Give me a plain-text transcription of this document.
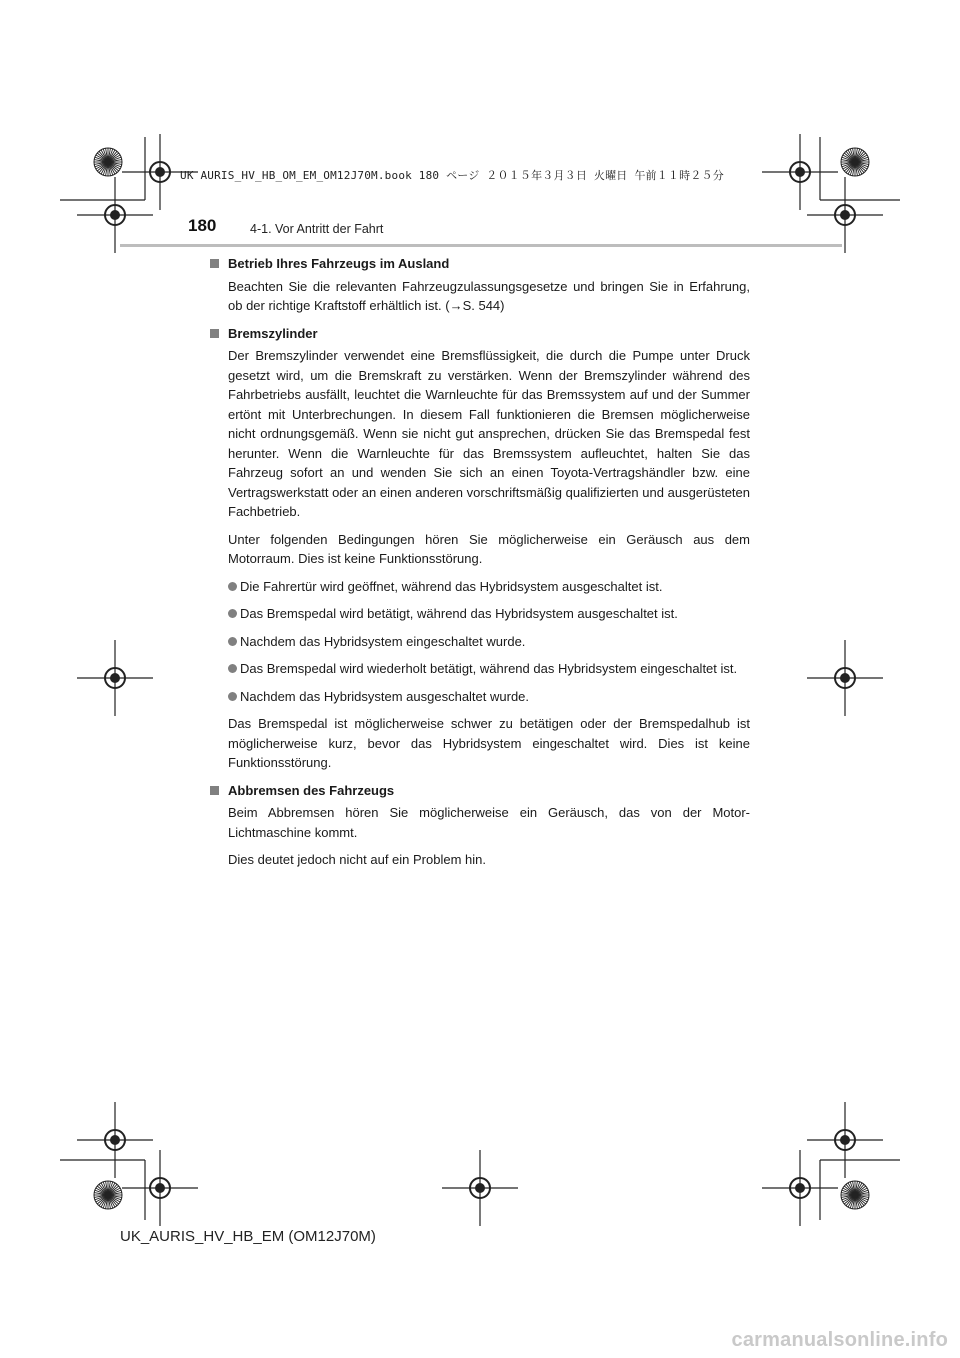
UK AURIS_HV_HB_OM_EM_OM12J70M.book 180 ページ ２０１５年３月３日 火曜日 午前１１時２５分
180	4-1. Vor Antritt der Fahrt
Betrieb Ihres Fahrzeugs im Ausland
Beachten Sie die relevanten Fahrzeugzulassungsgesetze und bringen Sie in Erfahrung, ob der richtige Kraftstoff erhältlich ist. (→S. 544)
Bremszylinder
Der Bremszylinder verwendet eine Bremsflüssigkeit, die durch die Pumpe unter Druck gesetzt wird, um die Bremskraft zu verstärken. Wenn der Bremszylinder während des Fahrbetriebs ausfällt, leuchtet die Warnleuchte für das Bremssystem auf und der Summer ertönt mit Unterbrechungen. In diesem Fall funktionieren die Bremsen möglicherweise nicht ordnungsgemäß. Wenn sie nicht gut ansprechen, drücken Sie das Bremspedal fest herunter. Wenn die Warnleuchte für das Bremssystem aufleuchtet, halten Sie das Fahrzeug sofort an und wenden Sie sich an einen Toyota-Vertragshändler bzw. eine Vertragswerkstatt oder an einen anderen vorschriftsmäßig qualifizierten und ausgerüsteten Fachbetrieb.
Unter folgenden Bedingungen hören Sie möglicherweise ein Geräusch aus dem Motorraum. Dies ist keine Funktionsstörung.
Die Fahrertür wird geöffnet, während das Hybridsystem ausgeschaltet ist.
Das Bremspedal wird betätigt, während das Hybridsystem ausgeschaltet ist.
Nachdem das Hybridsystem eingeschaltet wurde.
Das Bremspedal wird wiederholt betätigt, während das Hybridsystem eingeschaltet ist.
Nachdem das Hybridsystem ausgeschaltet wurde.
Das Bremspedal ist möglicherweise schwer zu betätigen oder der Bremspedalhub ist möglicherweise kurz, bevor das Hybridsystem eingeschaltet wird. Dies ist keine Funktionsstörung.
Abbremsen des Fahrzeugs
Beim Abbremsen hören Sie möglicherweise ein Geräusch, das von der Motor-Lichtmaschine kommt.
Dies deutet jedoch nicht auf ein Problem hin.
UK_AURIS_HV_HB_EM (OM12J70M)
carmanualsonline.info
